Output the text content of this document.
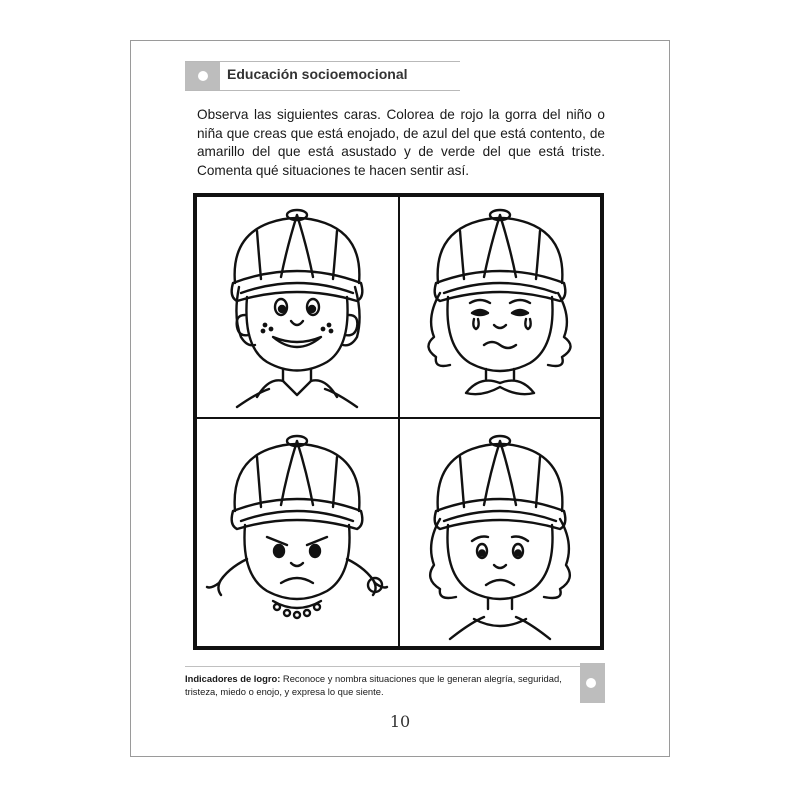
Educación socioemocional
Observa las siguientes caras. Colorea de rojo la gorra del niño o niña que creas que está enojado, de azul del que está contento, de amarillo del que está asustado y de verde del que está triste. Comenta qué situaciones te hacen sentir así.
Indicadores de logro: Reconoce y nombra situaciones que le generan alegría, seguridad, tristeza, miedo o enojo, y expresa lo que siente.
10
